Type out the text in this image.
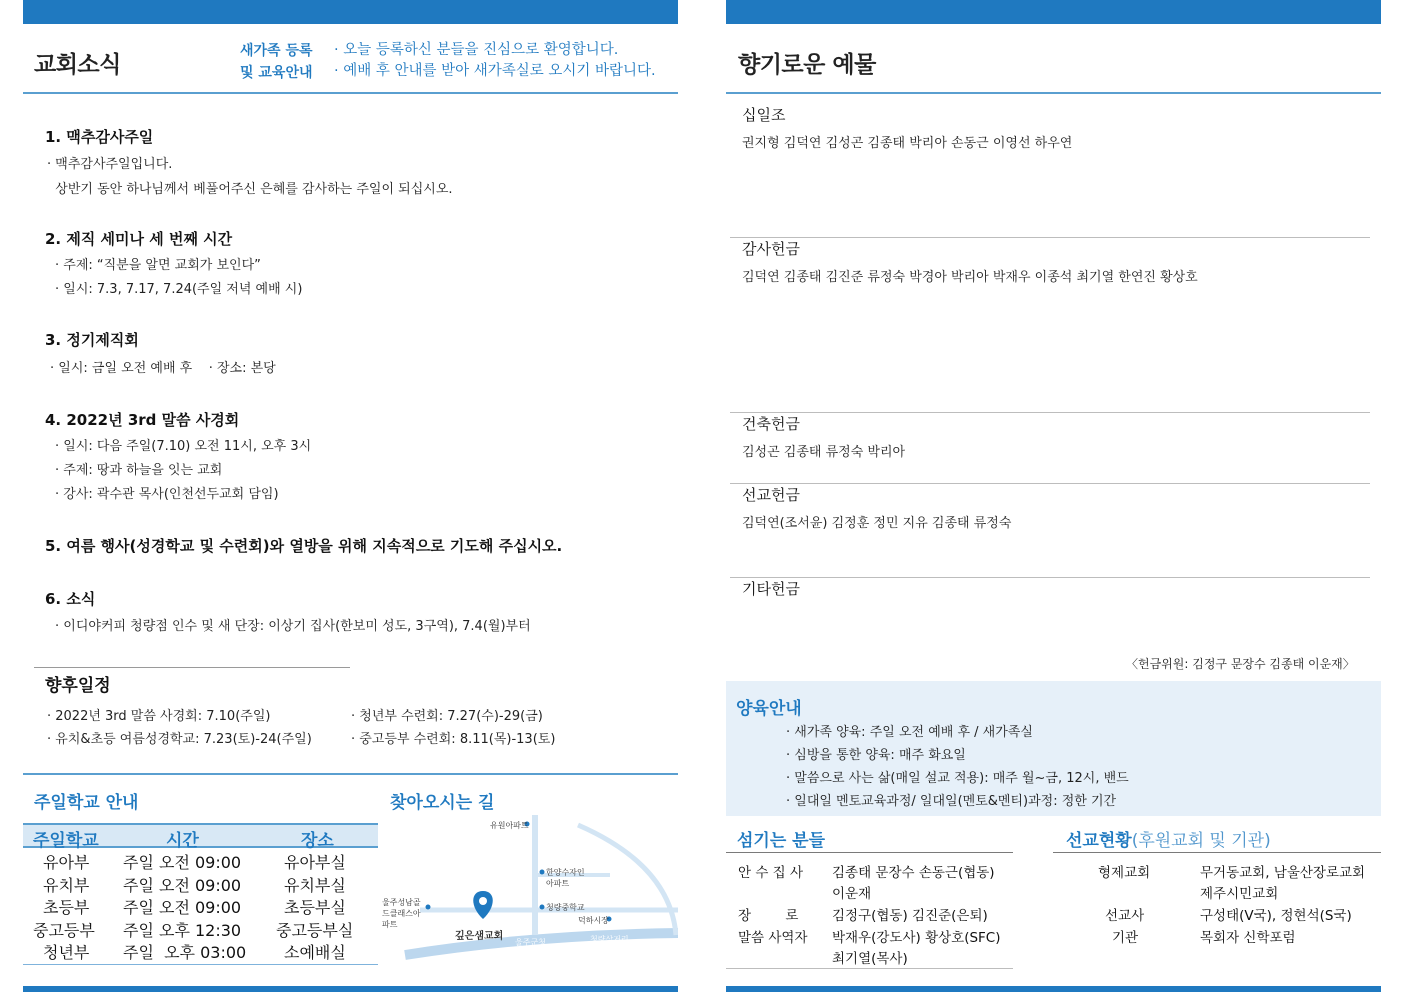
교회소식
새가족 등록
및 교육안내
· 오늘 등록하신 분들을 진심으로 환영합니다.
· 예배 후 안내를 받아 새가족실로 오시기 바랍니다.
1. 맥추감사주일
· 맥추감사주일입니다.
상반기 동안 하나님께서 베풀어주신 은혜를 감사하는 주일이 되십시오.
2. 제직 세미나 세 번째 시간
· 주제: “직분을 알면 교회가 보인다”
· 일시: 7.3, 7.17, 7.24(주일 저녁 예배 시)
3. 정기제직회
· 일시: 금일 오전 예배 후    · 장소: 본당
4. 2022년 3rd 말씀 사경회
· 일시: 다음 주일(7.10) 오전 11시, 오후 3시
· 주제: 땅과 하늘을 잇는 교회
· 강사: 곽수관 목사(인천선두교회 담임)
5. 여름 행사(성경학교 및 수련회)와 열방을 위해 지속적으로 기도해 주십시오.
6. 소식
· 이디야커피 청량점 인수 및 새 단장: 이상기 집사(한보미 성도, 3구역), 7.4(월)부터
향후일정
· 2022년 3rd 말씀 사경회: 7.10(주일)	· 청년부 수련회: 7.27(수)-29(금)
· 유치&초등 여름성경학교: 7.23(토)-24(주일)	· 중고등부 수련회: 8.11(목)-13(토)
주일학교 안내
주일학교	시간	장소
유아부 주일 오전 09:00	유아부실
유치부 주일 오전 09:00	유치부실
초등부 주일 오전 09:00	초등부실
중고등부 주일 오후 12:30 중고등부실
청년부 주일  오후 03:00 소예배실
찾아오시는 길
유원아파트
한양수자인아파트
울주성남골드클래스아파트
청량중학교
덕하시장
깊은샘교회
울주군청	청량삼거리
향기로운 예물
십일조
권지형 김덕연 김성곤 김종태 박리아 손동근 이영선 하우연
감사헌금
김덕연 김종태 김진준 류정숙 박경아 박리아 박재우 이종석 최기열 한연진 황상호
건축헌금
김성곤 김종태 류정숙 박리아
선교헌금
김덕연(조서윤) 김정훈 정민 지유 김종태 류정숙
기타헌금
〈헌금위원: 김정구 문장수 김종태 이운재〉
양육안내
· 새가족 양육: 주일 오전 예배 후 / 새가족실
· 심방을 통한 양육: 매주 화요일
· 말씀으로 사는 삶(매일 설교 적용): 매주 월~금, 12시, 밴드
· 일대일 멘토교육과정/ 일대일(멘토&멘티)과정: 정한 기간
섬기는 분들
안 수 집 사 김종태 문장수 손동근(협동)
이운재
장        로 김정구(협동) 김진준(은퇴)
말씀 사역자 박재우(강도사) 황상호(SFC)
최기열(목사)
선교현황(후원교회 및 기관)
형제교회	무거동교회, 남울산장로교회
제주시민교회
선교사	구성태(V국), 정현석(S국)
기관	목회자 신학포럼
